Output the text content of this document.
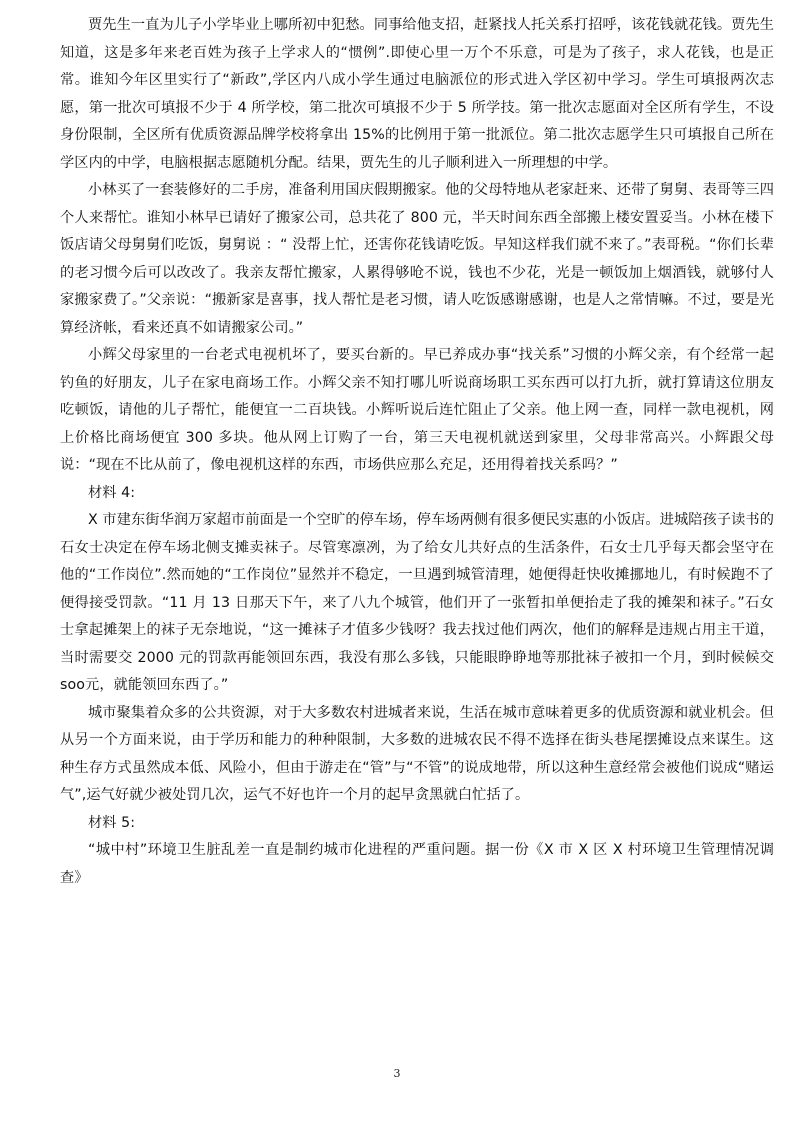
贾先生一直为儿子小学毕业上哪所初中犯愁。同事给他支招，赶紧找人托关系打招呼，该花钱就花钱。贾先生知道，这是多年来老百姓为孩子上学求人的“惯例”.即使心里一万个不乐意，可是为了孩子，求人花钱，也是正常。谁知今年区里实行了“新政”,学区内八成小学生通过电脑派位的形式进入学区初中学习。学生可填报两次志愿，第一批次可填报不少于 4 所学校，第二批次可填报不少于 5 所学技。第一批次志愿面对全区所有学生，不设身份限制，全区所有优质资源品牌学校将拿出 15%的比例用于第一批派位。第二批次志愿学生只可填报自己所在学区内的中学，电脑根据志愿随机分配。结果，贾先生的儿子顺利进入一所理想的中学。

小林买了一套装修好的二手房，准备利用国庆假期搬家。他的父母特地从老家赶来、还带了舅舅、表哥等三四个人来帮忙。谁知小林早已请好了搬家公司，总共花了 800 元，半天时间东西全部搬上楼安置妥当。小林在楼下饭店请父母舅舅们吃饭，舅舅说 ：“ 没帮上忙，还害你花钱请吃饭。早知这样我们就不来了。”表哥税。“你们长辈的老习惯今后可以改改了。我亲友帮忙搬家，人累得够呛不说，钱也不少花，光是一顿饭加上烟酒钱，就够付人家搬家费了。”父亲说：“搬新家是喜事，找人帮忙是老习惯，请人吃饭感谢感谢，也是人之常情嘛。不过，要是光算经济帐，看来还真不如请搬家公司。”

小辉父母家里的一台老式电视机坏了，要买台新的。早已养成办事“找关系”习惯的小辉父亲，有个经常一起钓鱼的好朋友，儿子在家电商场工作。小辉父亲不知打哪儿听说商场职工买东西可以打九折，就打算请这位朋友吃顿饭，请他的儿子帮忙，能便宜一二百块钱。小辉听说后连忙阻止了父亲。他上网一查，同样一款电视机，网上价格比商场便宜 300 多块。他从网上订购了一台，第三天电视机就送到家里，父母非常高兴。小辉跟父母说：“现在不比从前了，像电视机这样的东西，市场供应那么充足，还用得着找关系吗？”

材料 4:

X 市建东街华润万家超市前面是一个空旷的停车场，停车场两侧有很多便民实惠的小饭店。进城陪孩子读书的石女士决定在停车场北侧支摊卖袜子。尽管寒凛冽，为了给女儿共好点的生活条件，石女士几乎每天都会坚守在他的“工作岗位”.然而她的“工作岗位”显然并不稳定，一旦遇到城管清理，她便得赶快收摊挪地儿，有时候跑不了便得接受罚款。“11 月 13 日那天下午，来了八九个城管，他们开了一张暂扣单便抬走了我的摊架和袜子。”石女士拿起摊架上的袜子无奈地说，“这一摊袜子才值多少钱呀？我去找过他们两次，他们的解释是违规占用主干道，当时需要交 2000 元的罚款再能领回东西，我没有那么多钱，只能眼睁睁地等那批袜子被扣一个月，到时候候交 soo元，就能领回东西了。”

城市聚集着众多的公共资源，对于大多数农村进城者来说，生活在城市意味着更多的优质资源和就业机会。但从另一个方面来说，由于学历和能力的种种限制，大多数的进城农民不得不选择在街头巷尾摆摊设点来谋生。这种生存方式虽然成本低、风险小，但由于游走在“管”与“不管”的说成地带，所以这种生意经常会被他们说成“赌运气”,运气好就少被处罚几次，运气不好也许一个月的起早贪黑就白忙括了。

材料 5:

“城中村”环境卫生脏乱差一直是制约城市化进程的严重问题。据一份《X 市 X 区 X 村环境卫生管理情况调查》

3
